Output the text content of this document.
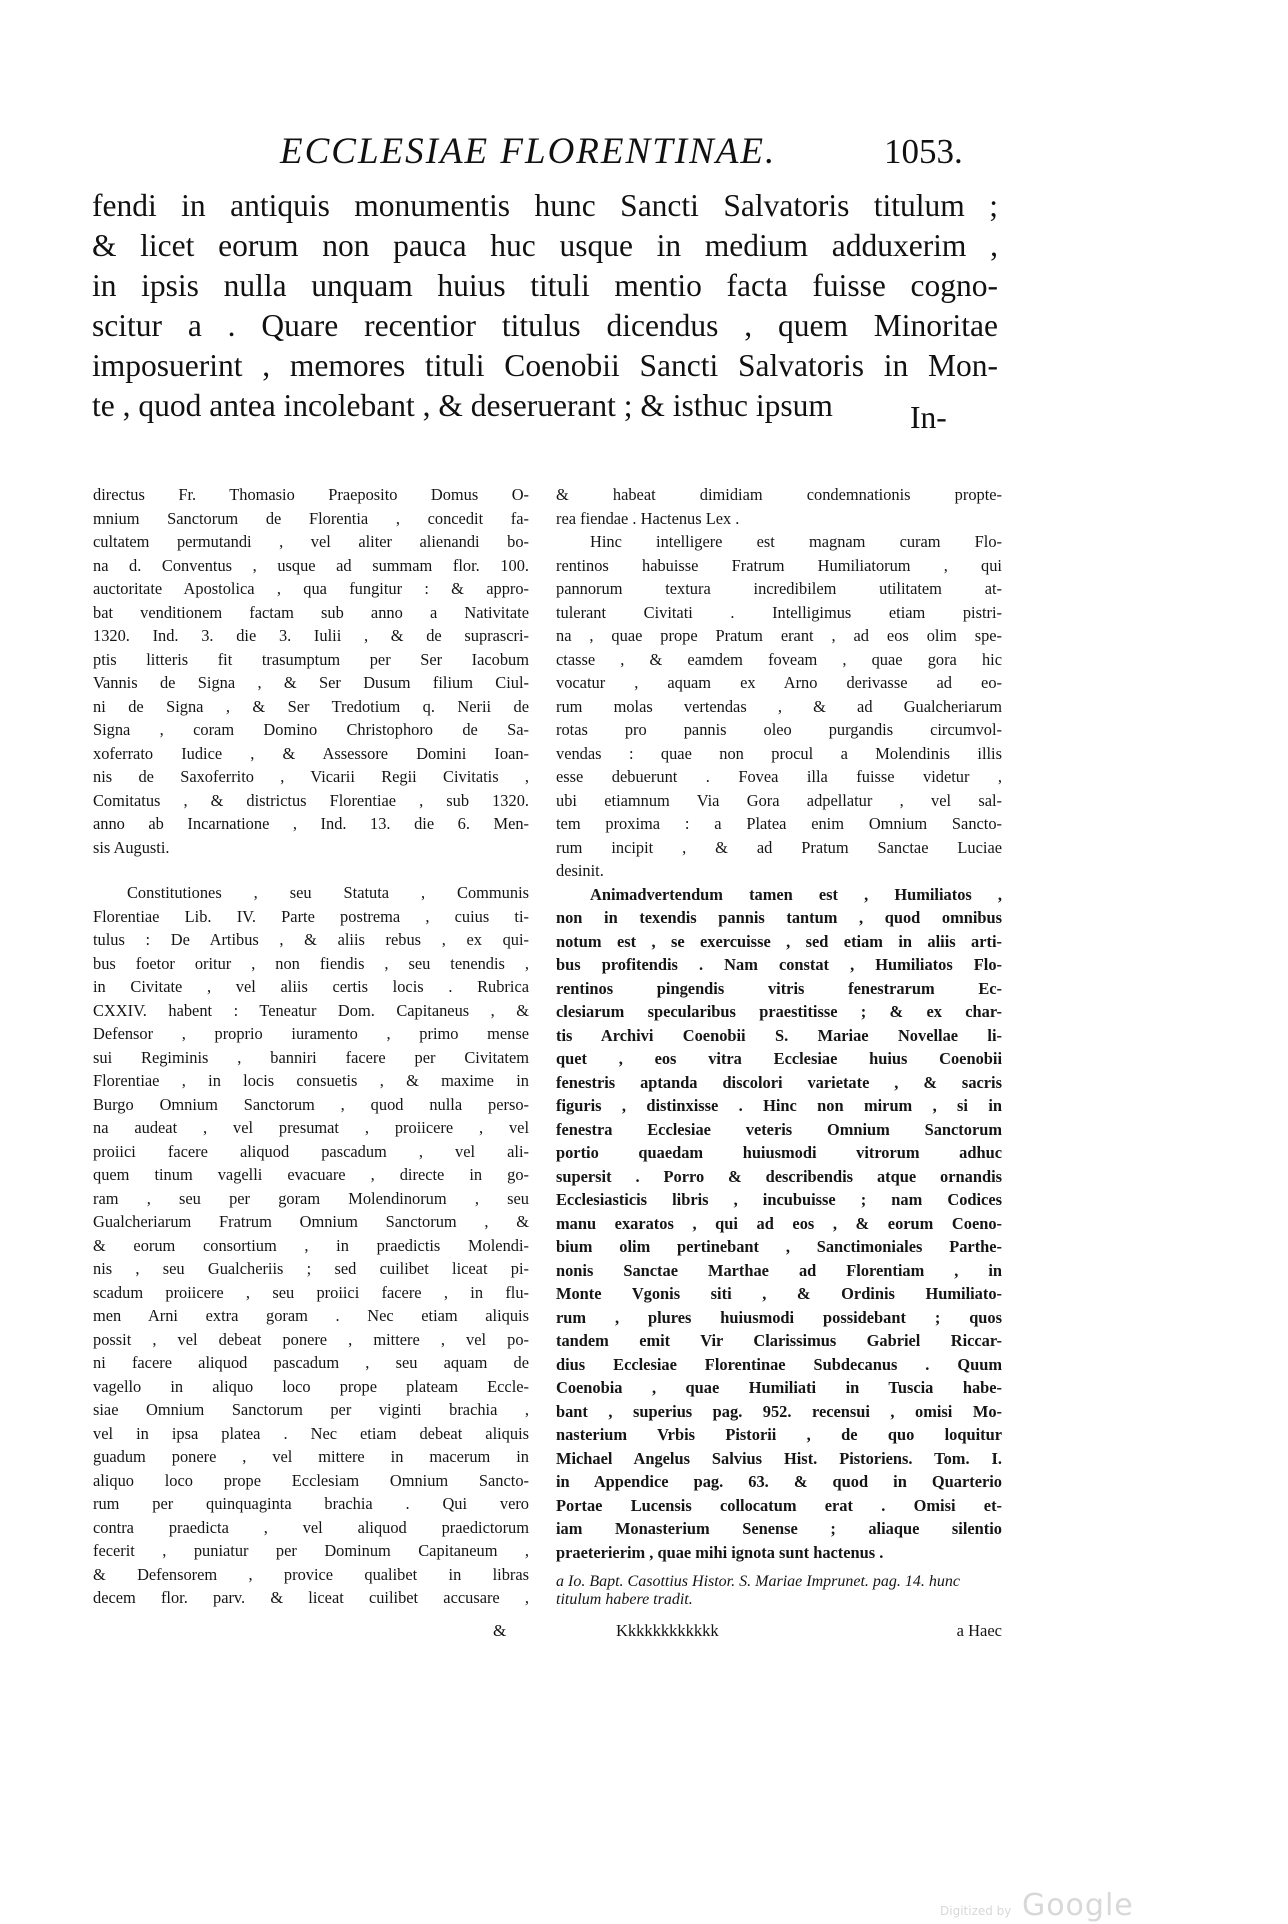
ECCLESIAE FLORENTINAE.	1053.
fendi in antiquis monumentis hunc Sancti Salvatoris titulum ;
& licet eorum non pauca huc usque in medium adduxerim ,
in ipsis nulla unquam huius tituli mentio facta fuisse cogno-
scitur a . Quare recentior titulus dicendus , quem Minoritae
imposuerint , memores tituli Coenobii Sancti Salvatoris in Mon-
te , quod antea incolebant , & deseruerant ; & isthuc ipsum	In-
directus Fr. Thomasio Praeposito Domus O-
mnium Sanctorum de Florentia , concedit fa-
cultatem permutandi , vel aliter alienandi bo-
na d. Conventus , usque ad summam flor. 100.
auctoritate Apostolica , qua fungitur : & appro-
bat venditionem factam sub anno a Nativitate
1320. Ind. 3. die 3. Iulii , & de suprascri-
ptis litteris fit trasumptum per Ser Iacobum
Vannis de Signa , & Ser Dusum filium Ciul-
ni de Signa , & Ser Tredotium q. Nerii de
Signa , coram Domino Christophoro de Sa-
xoferrato Iudice , & Assessore Domini Ioan-
nis de Saxoferrito , Vicarii Regii Civitatis ,
Comitatus , & districtus Florentiae , sub 1320.
anno ab Incarnatione , Ind. 13. die 6. Men-
sis Augusti.
Constitutiones , seu Statuta , Communis
Florentiae Lib. IV. Parte postrema , cuius ti-
tulus : De Artibus , & aliis rebus , ex qui-
bus foetor oritur , non fiendis , seu tenendis ,
in Civitate , vel aliis certis locis . Rubrica
CXXIV. habent : Teneatur Dom. Capitaneus , &
Defensor , proprio iuramento , primo mense
sui Regiminis , banniri facere per Civitatem
Florentiae , in locis consuetis , & maxime in
Burgo Omnium Sanctorum , quod nulla perso-
na audeat , vel presumat , proiicere , vel
proiici facere aliquod pascadum , vel ali-
quem tinum vagelli evacuare , directe in go-
ram , seu per goram Molendinorum , seu
Gualcheriarum Fratrum Omnium Sanctorum , &
& eorum consortium , in praedictis Molendi-
nis , seu Gualcheriis ; sed cuilibet liceat pi-
scadum proiicere , seu proiici facere , in flu-
men Arni extra goram . Nec etiam aliquis
possit , vel debeat ponere , mittere , vel po-
ni facere aliquod pascadum , seu aquam de
vagello in aliquo loco prope plateam Eccle-
siae Omnium Sanctorum per viginti brachia ,
vel in ipsa platea . Nec etiam debeat aliquis
guadum ponere , vel mittere in macerum in
aliquo loco prope Ecclesiam Omnium Sancto-
rum per quinquaginta brachia . Qui vero
contra praedicta , vel aliquod praedictorum
fecerit , puniatur per Dominum Capitaneum ,
& Defensorem , provice qualibet in libras
decem flor. parv. & liceat cuilibet accusare ,
&
& habeat dimidiam condemnationis propte-
rea fiendae . Hactenus Lex .
Hinc intelligere est magnam curam Flo-
rentinos habuisse Fratrum Humiliatorum , qui
pannorum textura incredibilem utilitatem at-
tulerant Civitati . Intelligimus etiam pistri-
na , quae prope Pratum erant , ad eos olim spe-
ctasse , & eamdem foveam , quae gora hic
vocatur , aquam ex Arno derivasse ad eo-
rum molas vertendas , & ad Gualcheriarum
rotas pro pannis oleo purgandis circumvol-
vendas : quae non procul a Molendinis illis
esse debuerunt . Fovea illa fuisse videtur ,
ubi etiamnum Via Gora adpellatur , vel sal-
tem proxima : a Platea enim Omnium Sancto-
rum incipit , & ad Pratum Sanctae Luciae
desinit.
Animadvertendum tamen est , Humiliatos ,
non in texendis pannis tantum , quod omnibus
notum est , se exercuisse , sed etiam in aliis arti-
bus profitendis . Nam constat , Humiliatos Flo-
rentinos pingendis vitris fenestrarum Ec-
clesiarum specularibus praestitisse ; & ex char-
tis Archivi Coenobii S. Mariae Novellae li-
quet , eos vitra Ecclesiae huius Coenobii
fenestris aptanda discolori varietate , & sacris
figuris , distinxisse . Hinc non mirum , si in
fenestra Ecclesiae veteris Omnium Sanctorum
portio quaedam huiusmodi vitrorum adhuc
supersit . Porro & describendis atque ornandis
Ecclesiasticis libris , incubuisse ; nam Codices
manu exaratos , qui ad eos , & eorum Coeno-
bium olim pertinebant , Sanctimoniales Parthe-
nonis Sanctae Marthae ad Florentiam , in
Monte Vgonis siti , & Ordinis Humiliato-
rum , plures huiusmodi possidebant ; quos
tandem emit Vir Clarissimus Gabriel Riccar-
dius Ecclesiae Florentinae Subdecanus . Quum
Coenobia , quae Humiliati in Tuscia habe-
bant , superius pag. 952. recensui , omisi Mo-
nasterium Vrbis Pistorii , de quo loquitur
Michael Angelus Salvius Hist. Pistoriens. Tom. I.
in Appendice pag. 63. & quod in Quarterio
Portae Lucensis collocatum erat . Omisi et-
iam Monasterium Senense ; aliaque silentio
praeterierim , quae mihi ignota sunt hactenus .
a Io. Bapt. Casottius Histor. S. Mariae Imprunet. pag. 14. hunc titulum habere tradit.
Kkkkkkkkkkkk	a Haec
Digitized by Google
